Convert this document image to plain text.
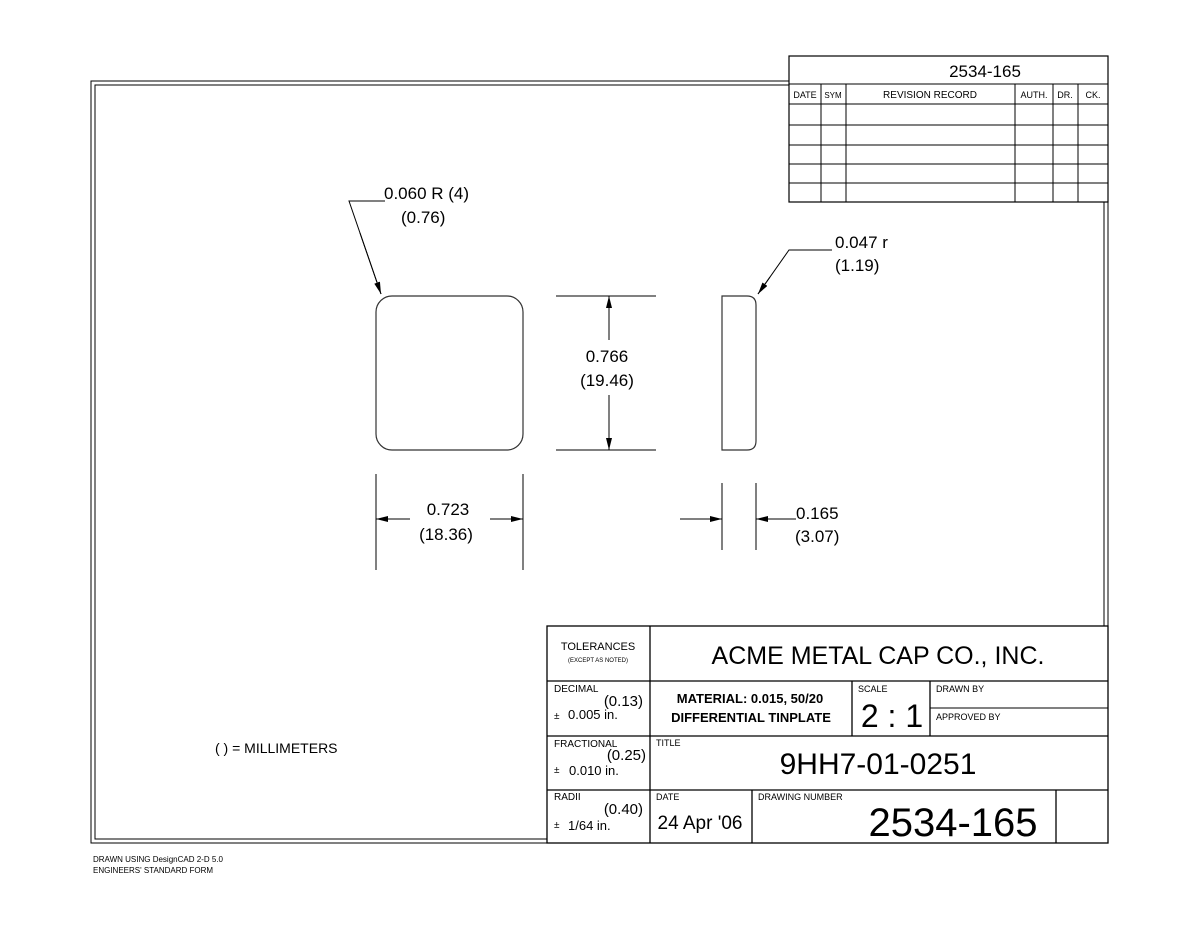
2534-165
DATE SYM	REVISION RECORD	AUTH. DR. CK.
0.060 R (4)
(0.76)
0.766
(19.46)
0.047 r
(1.19)
0.723
(18.36)
0.165
(3.07)
( ) = MILLIMETERS
TOLERANCES
(EXCEPT AS NOTED)
DECIMAL
(0.13)
± 0.005 in.
FRACTIONAL
(0.25)
± 0.010 in.
RADII
(0.40)
± 1/64 in.
ACME METAL CAP CO., INC.
MATERIAL: 0.015, 50/20
DIFFERENTIAL TINPLATE
SCALE
2 : 1
DRAWN BY
APPROVED BY
TITLE
9HH7-01-0251
DATE
24 Apr '06
DRAWING NUMBER
2534-165
DRAWN USING DesignCAD 2-D 5.0
ENGINEERS' STANDARD FORM
